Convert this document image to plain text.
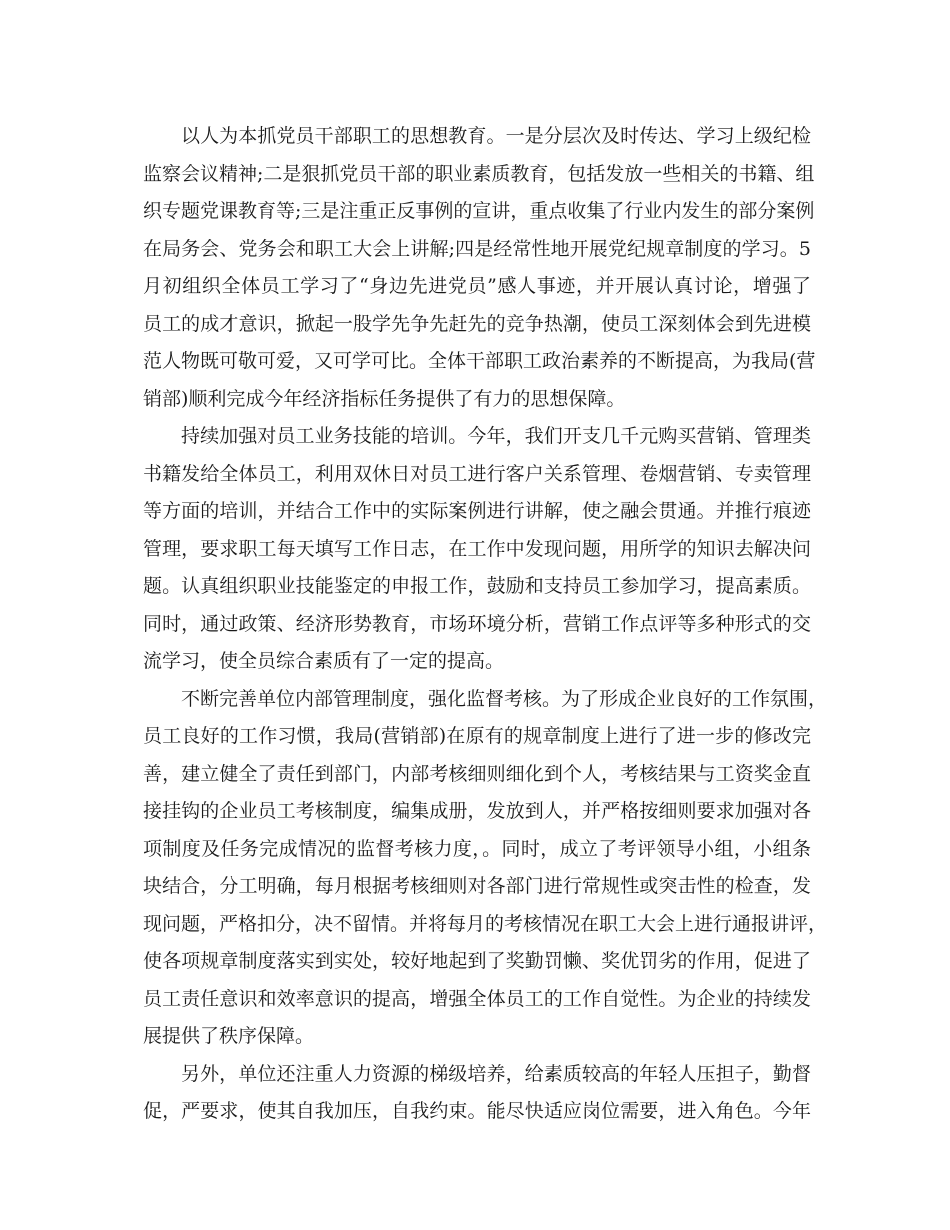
以人为本抓党员干部职工的思想教育。一是分层次及时传达、学习上级纪检
监察会议精神;二是狠抓党员干部的职业素质教育，包括发放一些相关的书籍、组
织专题党课教育等;三是注重正反事例的宣讲，重点收集了行业内发生的部分案例
在局务会、党务会和职工大会上讲解;四是经常性地开展党纪规章制度的学习。5
月初组织全体员工学习了“身边先进党员”感人事迹，并开展认真讨论，增强了
员工的成才意识，掀起一股学先争先赶先的竞争热潮，使员工深刻体会到先进模
范人物既可敬可爱，又可学可比。全体干部职工政治素养的不断提高，为我局(营
销部)顺利完成今年经济指标任务提供了有力的思想保障。
持续加强对员工业务技能的培训。今年，我们开支几千元购买营销、管理类
书籍发给全体员工，利用双休日对员工进行客户关系管理、卷烟营销、专卖管理
等方面的培训，并结合工作中的实际案例进行讲解，使之融会贯通。并推行痕迹
管理，要求职工每天填写工作日志，在工作中发现问题，用所学的知识去解决问
题。认真组织职业技能鉴定的申报工作，鼓励和支持员工参加学习，提高素质。
同时，通过政策、经济形势教育，市场环境分析，营销工作点评等多种形式的交
流学习，使全员综合素质有了一定的提高。
不断完善单位内部管理制度，强化监督考核。为了形成企业良好的工作氛围，
员工良好的工作习惯，我局(营销部)在原有的规章制度上进行了进一步的修改完
善，建立健全了责任到部门，内部考核细则细化到个人，考核结果与工资奖金直
接挂钩的企业员工考核制度，编集成册，发放到人，并严格按细则要求加强对各
项制度及任务完成情况的监督考核力度，。同时，成立了考评领导小组，小组条
块结合，分工明确，每月根据考核细则对各部门进行常规性或突击性的检查，发
现问题，严格扣分，决不留情。并将每月的考核情况在职工大会上进行通报讲评，
使各项规章制度落实到实处，较好地起到了奖勤罚懒、奖优罚劣的作用，促进了
员工责任意识和效率意识的提高，增强全体员工的工作自觉性。为企业的持续发
展提供了秩序保障。
另外，单位还注重人力资源的梯级培养，给素质较高的年轻人压担子，勤督
促，严要求，使其自我加压，自我约束。能尽快适应岗位需要，进入角色。今年
